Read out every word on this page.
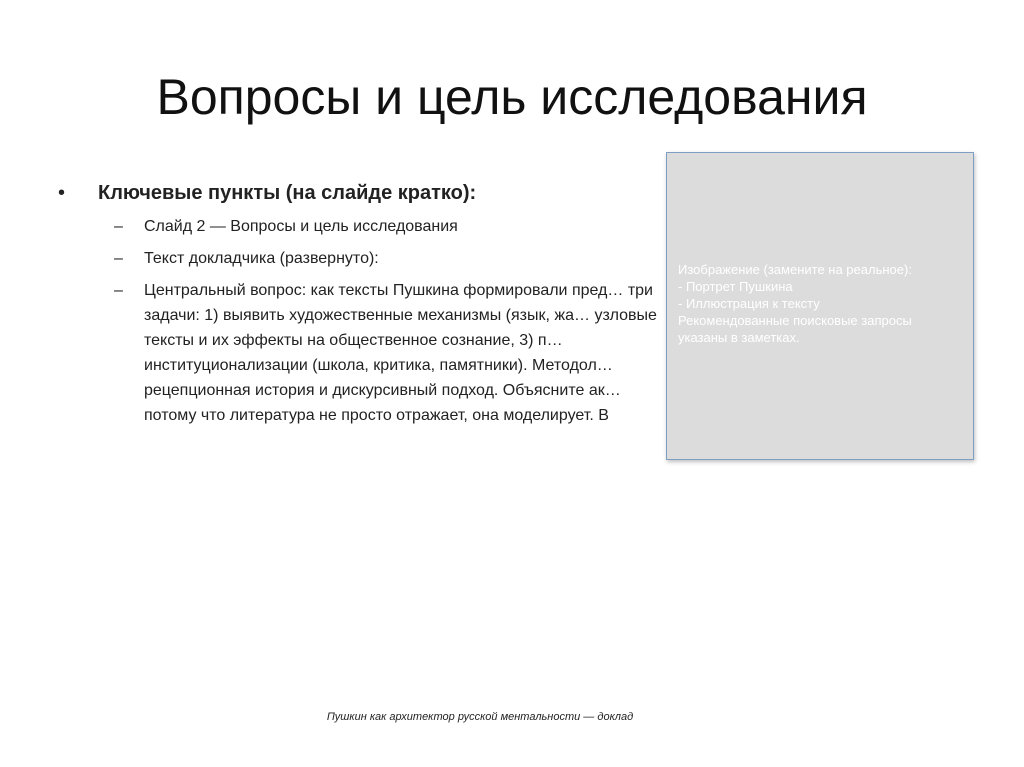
Вопросы и цель исследования
• Ключевые пункты (на слайде кратко):
– Слайд 2 — Вопросы и цель исследования
– Текст докладчика (развернуто):
– Центральный вопрос: как тексты Пушкина формировали пред… три задачи: 1) выявить художественные механизмы (язык, жа… узловые тексты и их эффекты на общественное сознание, 3) п… институционализации (школа, критика, памятники). Методол… рецепционная история и дискурсивный подход. Объясните ак… потому что литература не просто отражает, она моделирует. В
Изображение (замените на реальное):
- Портрет Пушкина
- Иллюстрация к тексту
Рекомендованные поисковые запросы
указаны в заметках.
Пушкин как архитектор русской ментальности — доклад
